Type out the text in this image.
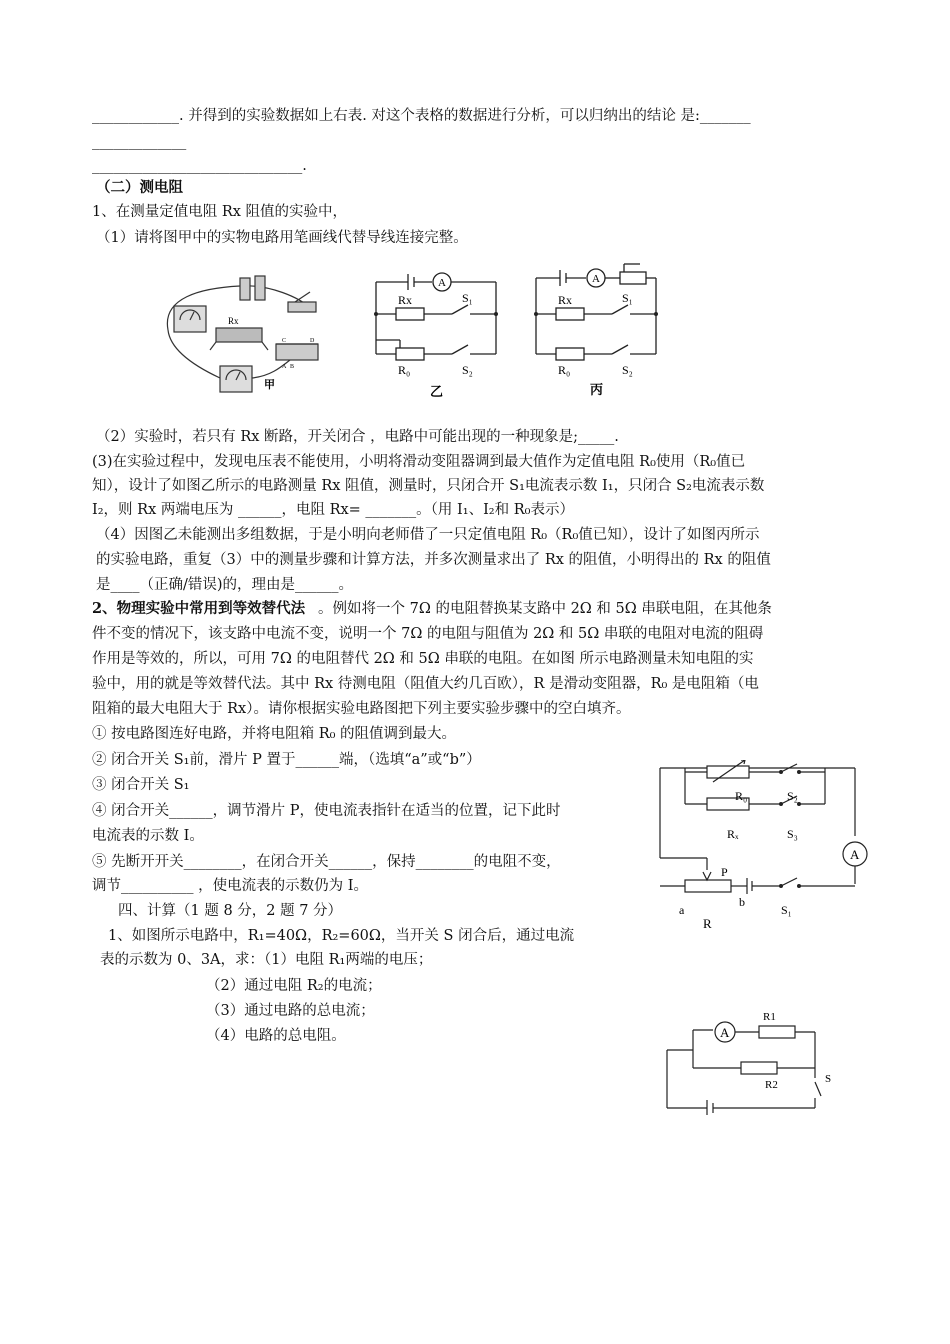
____________. 并得到的实验数据如上右表. 对这个表格的数据进行分析，可以归纳出的结论 是:_______
_____________
_____________________________.
（二）测电阻
1、在测量定值电阻 Rx 阻值的实验中，
（1）请将图甲中的实物电路用笔画线代替导线连接完整。
（2）实验时，若只有 Rx 断路，开关闭合 ，电路中可能出现的一种现象是;_____.
(3)在实验过程中，发现电压表不能使用，小明将滑动变阻器调到最大值作为定值电阻 R₀使用（R₀值已
知），设计了如图乙所示的电路测量 Rx 阻值，测量时，只闭合开 S₁电流表示数 I₁，只闭合 S₂电流表示数
I₂，则 Rx 两端电压为 ______，电阻 Rx= _______。（用 I₁、I₂和 R₀表示）
（4）因图乙未能测出多组数据，于是小明向老师借了一只定值电阻 R₀（R₀值已知），设计了如图丙所示
的实验电路，重复（3）中的测量步骤和计算方法，并多次测量求出了 Rx 的阻值，小明得出的 Rx 的阻值
是____（正确/错误)的，理由是______。
2、物理实验中常用到等效替代法 。例如将一个 7Ω 的电阻替换某支路中 2Ω 和 5Ω 串联电阻，在其他条
件不变的情况下，该支路中电流不变，说明一个 7Ω 的电阻与阻值为 2Ω 和 5Ω 串联的电阻对电流的阻碍
作用是等效的，所以，可用 7Ω 的电阻替代 2Ω 和 5Ω 串联的电阻。在如图 所示电路测量未知电阻的实
验中，用的就是等效替代法。其中 Rx 待测电阻（阻值大约几百欧），R 是滑动变阻器，R₀ 是电阻箱（电
阻箱的最大电阻大于 Rx）。请你根据实验电路图把下列主要实验步骤中的空白填齐。
① 按电路图连好电路，并将电阻箱 R₀ 的阻值调到最大。
② 闭合开关 S₁前，滑片 P 置于______端，（选填“a”或“b”）
③ 闭合开关 S₁
④ 闭合开关______，调节滑片 P，使电流表指针在适当的位置，记下此时
电流表的示数 I。
⑤ 先断开开关________，在闭合开关______，保持________的电阻不变，
调节__________ ，使电流表的示数仍为 I。
四、计算（1 题 8 分，2 题 7 分）
1、如图所示电路中，R₁=40Ω，R₂=60Ω，当开关 S 闭合后，通过电流
表的示数为 0、3A，求：（1）电阻 R₁两端的电压；
（2）通过电阻 R₂的电流；
（3）通过电路的总电流；
（4）电路的总电阻。
Rx
C
A B
D
甲
A
Rx	S₁
R₀	S₂
乙
A
Rx	S₁
R₀	S₂
丙
R₀	S₂
Rₓ	S₃
A
P
a
b
S₁
R
A
R1
R2	S
